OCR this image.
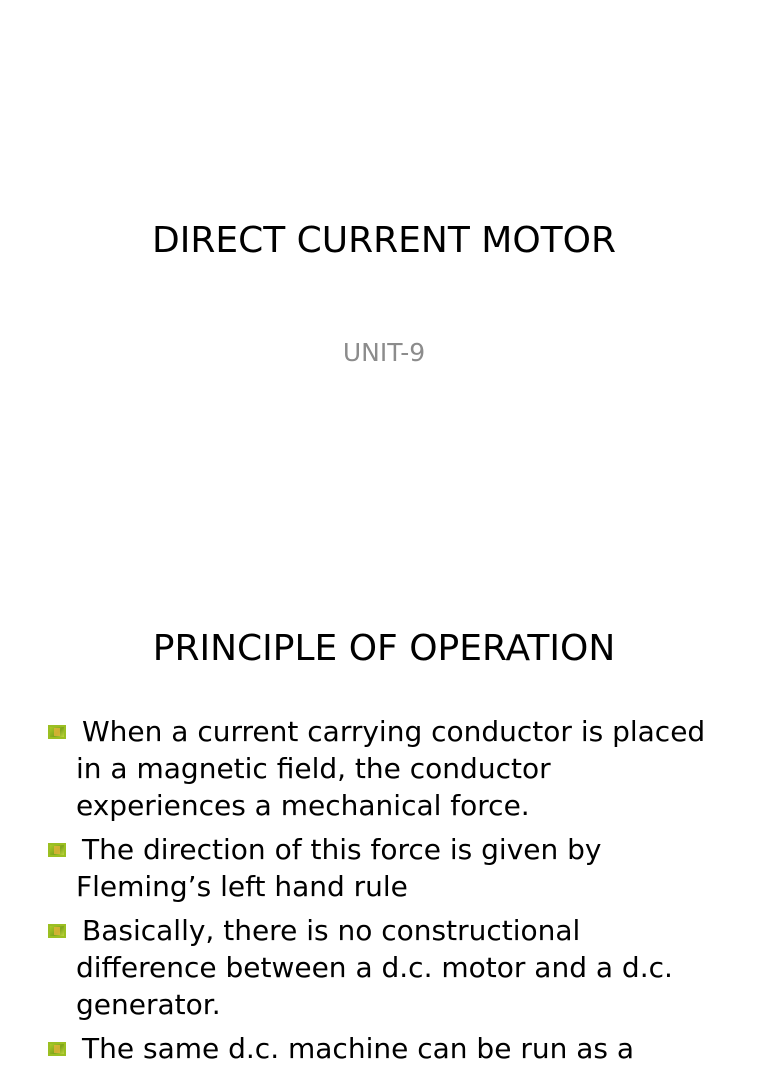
DIRECT CURRENT MOTOR

UNIT-9

PRINCIPLE OF OPERATION
When a current carrying conductor is placed in a magnetic field, the conductor experiences a mechanical force.
The direction of this force is given by Fleming’s left hand rule
Basically, there is no constructional difference between a d.c. motor and a d.c. generator.
The same d.c. machine can be run as a
